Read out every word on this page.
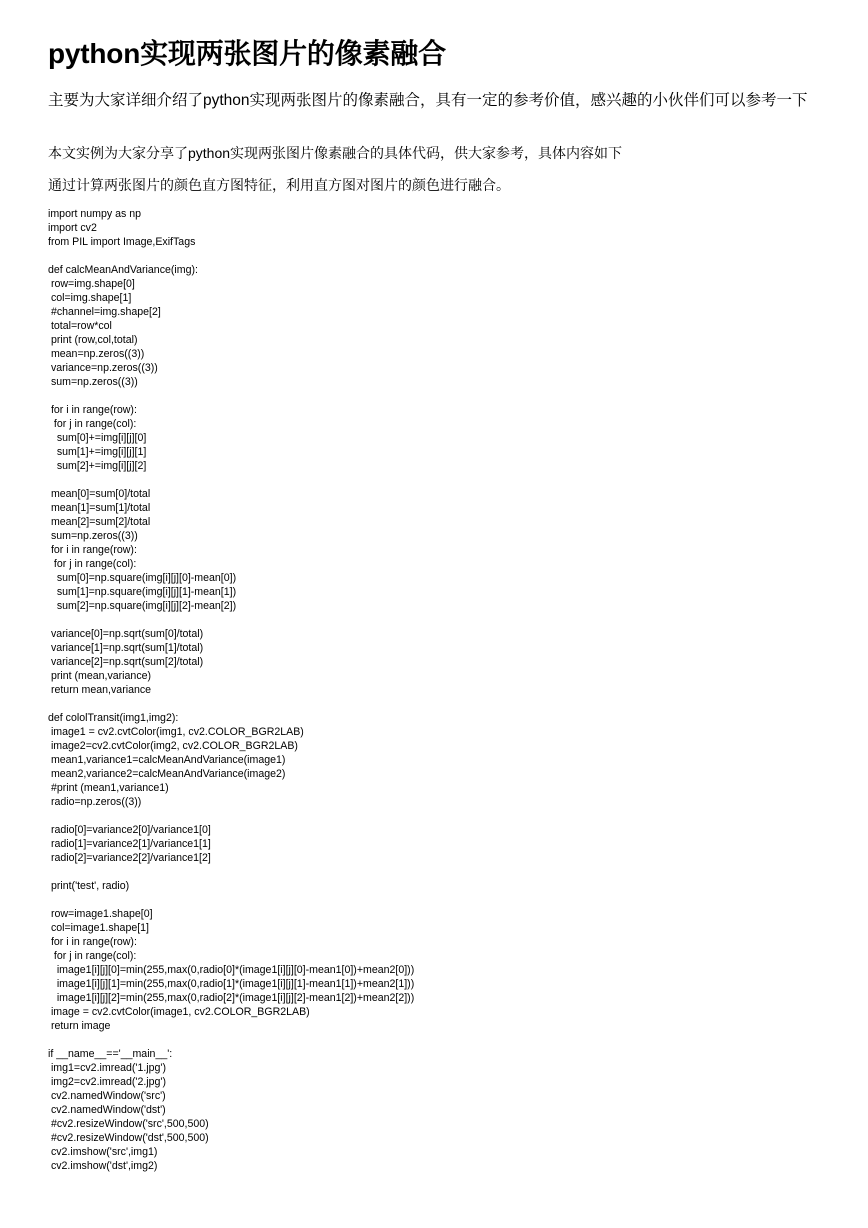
python实现两张图片的像素融合

主要为大家详细介绍了python实现两张图片的像素融合，具有一定的参考价值，感兴趣的小伙伴们可以参考一下

本文实例为大家分享了python实现两张图片像素融合的具体代码，供大家参考，具体内容如下

通过计算两张图片的颜色直方图特征，利用直方图对图片的颜色进行融合。

import numpy as np
import cv2
from PIL import Image,ExifTags
def calcMeanAndVariance(img):
row=img.shape[0]
col=img.shape[1]
#channel=img.shape[2]
total=row*col
print (row,col,total)
mean=np.zeros((3))
variance=np.zeros((3))
sum=np.zeros((3))
for i in range(row):
for j in range(col):
sum[0]+=img[i][j][0]
sum[1]+=img[i][j][1]
sum[2]+=img[i][j][2]
mean[0]=sum[0]/total
mean[1]=sum[1]/total
mean[2]=sum[2]/total
sum=np.zeros((3))
for i in range(row):
for j in range(col):
sum[0]=np.square(img[i][j][0]-mean[0])
sum[1]=np.square(img[i][j][1]-mean[1])
sum[2]=np.square(img[i][j][2]-mean[2])
variance[0]=np.sqrt(sum[0]/total)
variance[1]=np.sqrt(sum[1]/total)
variance[2]=np.sqrt(sum[2]/total)
print (mean,variance)
return mean,variance
def cololTransit(img1,img2):
image1 = cv2.cvtColor(img1, cv2.COLOR_BGR2LAB)
image2=cv2.cvtColor(img2, cv2.COLOR_BGR2LAB)
mean1,variance1=calcMeanAndVariance(image1)
mean2,variance2=calcMeanAndVariance(image2)
#print (mean1,variance1)
radio=np.zeros((3))
radio[0]=variance2[0]/variance1[0]
radio[1]=variance2[1]/variance1[1]
radio[2]=variance2[2]/variance1[2]
print('test', radio)
row=image1.shape[0]
col=image1.shape[1]
for i in range(row):
for j in range(col):
image1[i][j][0]=min(255,max(0,radio[0]*(image1[i][j][0]-mean1[0])+mean2[0]))
image1[i][j][1]=min(255,max(0,radio[1]*(image1[i][j][1]-mean1[1])+mean2[1]))
image1[i][j][2]=min(255,max(0,radio[2]*(image1[i][j][2]-mean1[2])+mean2[2]))
image = cv2.cvtColor(image1, cv2.COLOR_BGR2LAB)
return image
if __name__=='__main__':
img1=cv2.imread('1.jpg')
img2=cv2.imread('2.jpg')
cv2.namedWindow('src')
cv2.namedWindow('dst')
#cv2.resizeWindow('src',500,500)
#cv2.resizeWindow('dst',500,500)
cv2.imshow('src',img1)
cv2.imshow('dst',img2)
